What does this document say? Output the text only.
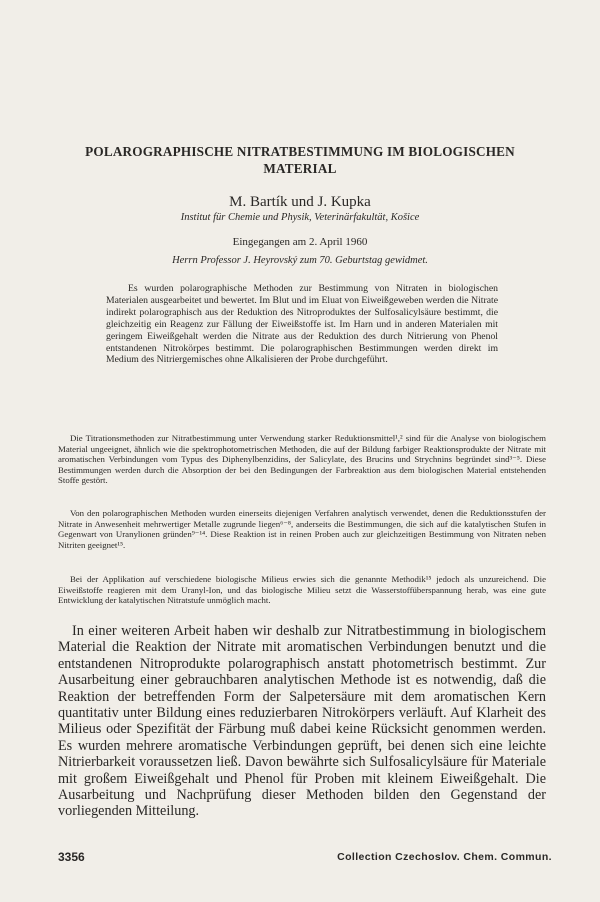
POLAROGRAPHISCHE NITRATBESTIMMUNG IM BIOLOGISCHEN MATERIAL
M. Bartík und J. Kupka
Institut für Chemie und Physik, Veterinärfakultät, Košice
Eingegangen am 2. April 1960
Herrn Professor J. Heyrovský zum 70. Geburtstag gewidmet.
Es wurden polarographische Methoden zur Bestimmung von Nitraten in biologischen Materialen ausgearbeitet und bewertet. Im Blut und im Eluat von Eiweißgeweben werden die Nitrate indirekt polarographisch aus der Reduktion des Nitroproduktes der Sulfosalicylsäure bestimmt, die gleichzeitig ein Reagenz zur Fällung der Eiweißstoffe ist. Im Harn und in anderen Materialen mit geringem Eiweißgehalt werden die Nitrate aus der Reduktion des durch Nitrierung von Phenol entstandenen Nitrokörpes bestimmt. Die polarographischen Bestimmungen werden direkt im Medium des Nitriergemisches ohne Alkalisieren der Probe durchgeführt.
Die Titrationsmethoden zur Nitratbestimmung unter Verwendung starker Reduktionsmittel¹,² sind für die Analyse von biologischem Material ungeeignet, ähnlich wie die spektrophotometrischen Methoden, die auf der Bildung farbiger Reaktionsprodukte der Nitrate mit aromatischen Verbindungen vom Typus des Diphenylbenzidins, der Salicylate, des Brucins und Strychnins begründet sind³⁻⁵. Diese Bestimmungen werden durch die Absorption der bei den Bedingungen der Farbreaktion aus dem biologischen Material entstehenden Stoffe gestört.
Von den polarographischen Methoden wurden einerseits diejenigen Verfahren analytisch verwendet, denen die Reduktionsstufen der Nitrate in Anwesenheit mehrwertiger Metalle zugrunde liegen⁶⁻⁸, anderseits die Bestimmungen, die sich auf die katalytischen Stufen in Gegenwart von Uranylionen gründen⁹⁻¹⁴. Diese Reaktion ist in reinen Proben auch zur gleichzeitigen Bestimmung von Nitraten neben Nitriten geeignet¹⁵.
Bei der Applikation auf verschiedene biologische Milieus erwies sich die genannte Methodik¹⁵ jedoch als unzureichend. Die Eiweißstoffe reagieren mit dem Uranyl-Ion, und das biologische Milieu setzt die Wasserstoffüberspannung herab, was eine gute Entwicklung der katalytischen Nitratstufe unmöglich macht.
In einer weiteren Arbeit haben wir deshalb zur Nitratbestimmung in biologischem Material die Reaktion der Nitrate mit aromatischen Verbindungen benutzt und die entstandenen Nitroprodukte polarographisch anstatt photometrisch bestimmt. Zur Ausarbeitung einer gebrauchbaren analytischen Methode ist es notwendig, daß die Reaktion der betreffenden Form der Salpetersäure mit dem aromatischen Kern quantitativ unter Bildung eines reduzierbaren Nitrokörpers verläuft. Auf Klarheit des Milieus oder Spezifität der Färbung muß dabei keine Rücksicht genommen werden. Es wurden mehrere aromatische Verbindungen geprüft, bei denen sich eine leichte Nitrierbarkeit voraussetzen ließ. Davon bewährte sich Sulfosalicylsäure für Materiale mit großem Eiweißgehalt und Phenol für Proben mit kleinem Eiweißgehalt. Die Ausarbeitung und Nachprüfung dieser Methoden bilden den Gegenstand der vorliegenden Mitteilung.
3356	Collection Czechoslov. Chem. Commun.
